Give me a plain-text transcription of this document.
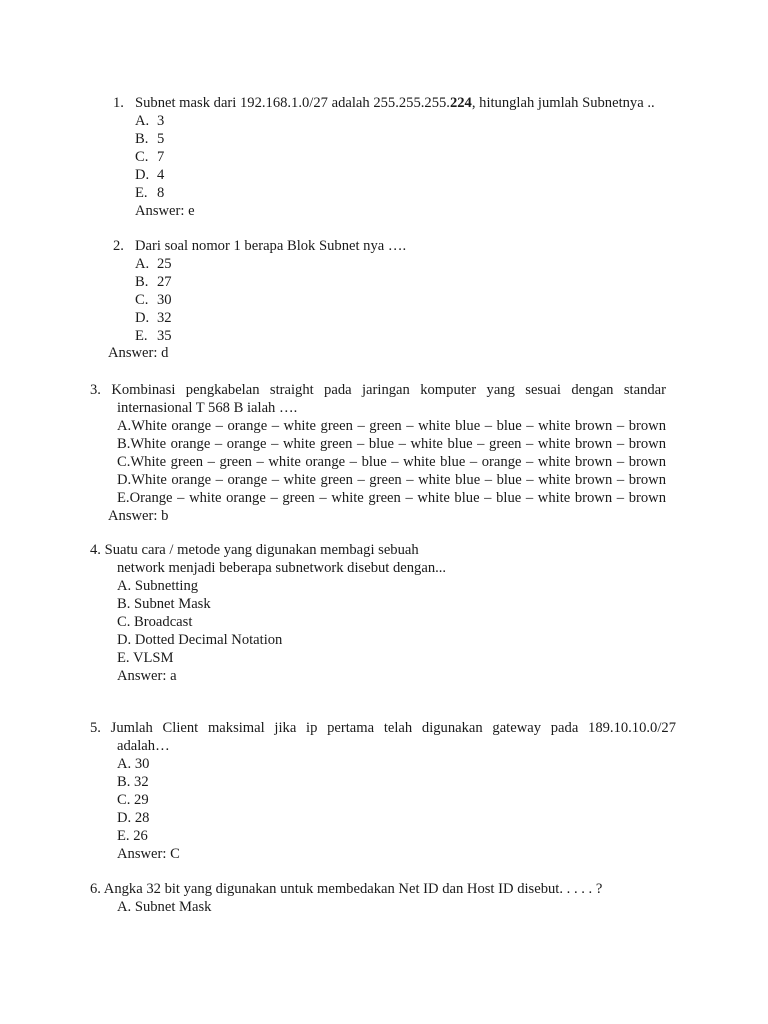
1. Subnet mask dari 192.168.1.0/27 adalah 255.255.255.224, hitunglah jumlah Subnetnya ..
A. 3
B. 5
C. 7
D. 4
E. 8
Answer: e
2. Dari soal nomor 1 berapa Blok Subnet nya ….
A. 25
B. 27
C. 30
D. 32
E. 35
Answer: d
3. Kombinasi pengkabelan straight pada jaringan komputer yang sesuai dengan standar
internasional T 568 B ialah ….
A.White orange – orange – white green – green – white blue – blue – white brown – brown
B.White orange – orange – white green – blue – white blue – green – white brown – brown
C.White green – green – white orange – blue – white blue – orange – white brown – brown
D.White orange – orange – white green – green – white blue – blue – white brown – brown
E.Orange – white orange – green – white green – white blue – blue – white brown – brown
Answer: b
4. Suatu cara / metode yang digunakan membagi sebuah
network menjadi beberapa subnetwork disebut dengan...
A. Subnetting
B. Subnet Mask
C. Broadcast
D. Dotted Decimal Notation
E. VLSM
Answer: a
5. Jumlah Client maksimal jika ip pertama telah digunakan gateway pada 189.10.10.0/27
adalah…
A. 30
B. 32
C. 29
D. 28
E. 26
Answer: C
6. Angka 32 bit yang digunakan untuk membedakan Net ID dan Host ID disebut. . . . . ?
A. Subnet Mask
